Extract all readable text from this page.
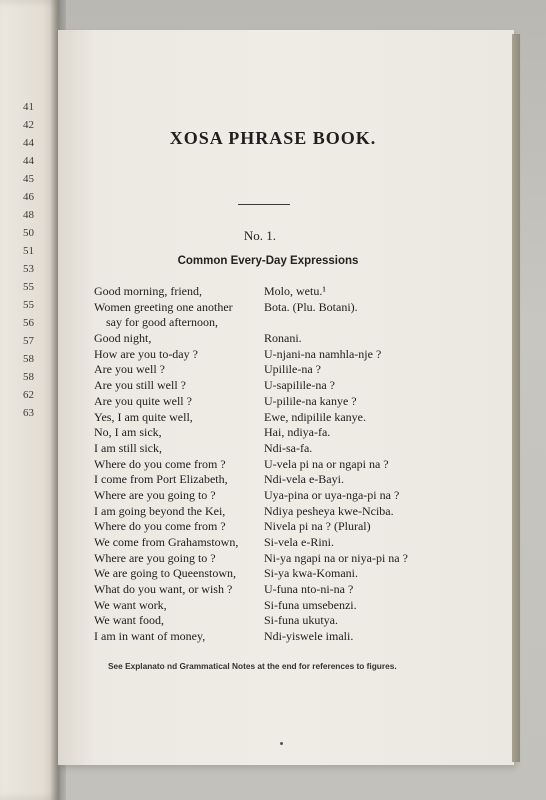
41
42
44
44
45
46
48
50
51
53
55
55
56
57
58
58
62
63
XOSA PHRASE BOOK.
No. 1.
Common Every-Day Expressions
Good morning, friend,	Molo, wetu.¹
Women greeting one another	Bota. (Plu. Botani).
say for good afternoon,
Good night,	Ronani.
How are you to-day ?	U-njani-na namhla-nje ?
Are you well ?	Upilile-na ?
Are you still well ?	U-sapilile-na ?
Are you quite well ?	U-pilile-na kanye ?
Yes, I am quite well,	Ewe, ndipilile kanye.
No, I am sick,	Hai, ndiya-fa.
I am still sick,	Ndi-sa-fa.
Where do you come from ?	U-vela pi na or ngapi na ?
I come from Port Elizabeth,	Ndi-vela e-Bayi.
Where are you going to ?	Uya-pina or uya-nga-pi na ?
I am going beyond the Kei,	Ndiya pesheya kwe-Nciba.
Where do you come from ?	Nivela pi na ? (Plural)
We come from Grahamstown,	Si-vela e-Rini.
Where are you going to ?	Ni-ya ngapi na or niya-pi na ?
We are going to Queenstown,	Si-ya kwa-Komani.
What do you want, or wish ?	U-funa nto-ni-na ?
We want work,	Si-funa umsebenzi.
We want food,	Si-funa ukutya.
I am in want of money,	Ndi-yiswele imali.
See Explanato nd Grammatical Notes at the end for references to figures.
